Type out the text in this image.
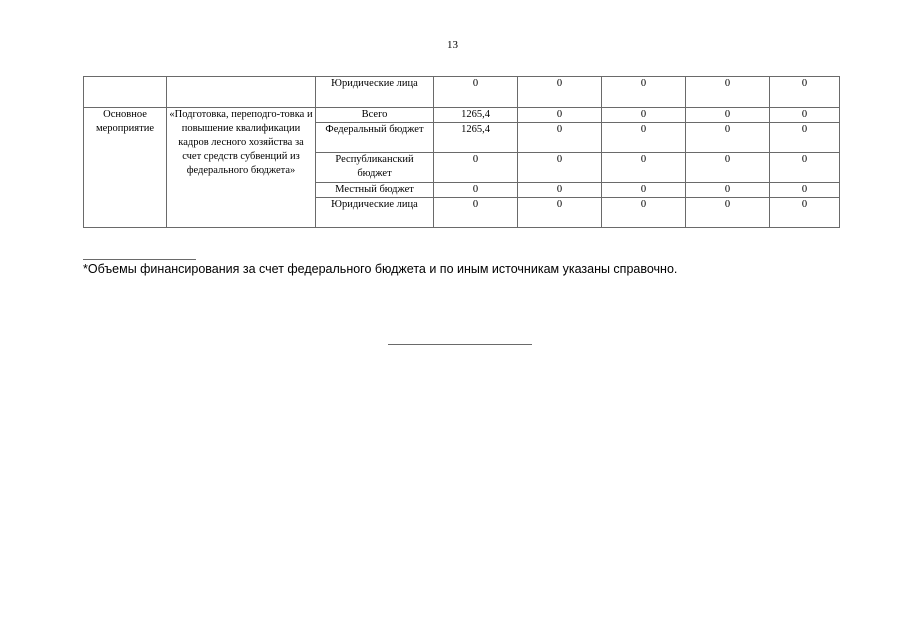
13
		Юридические лица	0	0	0	0	0
Основное мероприятие	«Подготовка, переподго-товка и повышение квалификации кадров лесного хозяйства за счет средств субвенций из федерального бюджета»	Всего	1265,4	0	0	0	0
		Федеральный бюджет	1265,4	0	0	0	0
		Республиканский бюджет	0	0	0	0	0
		Местный бюджет	0	0	0	0	0
		Юридические лица	0	0	0	0	0
*Объемы финансирования за счет федерального бюджета и по иным источникам указаны справочно.
